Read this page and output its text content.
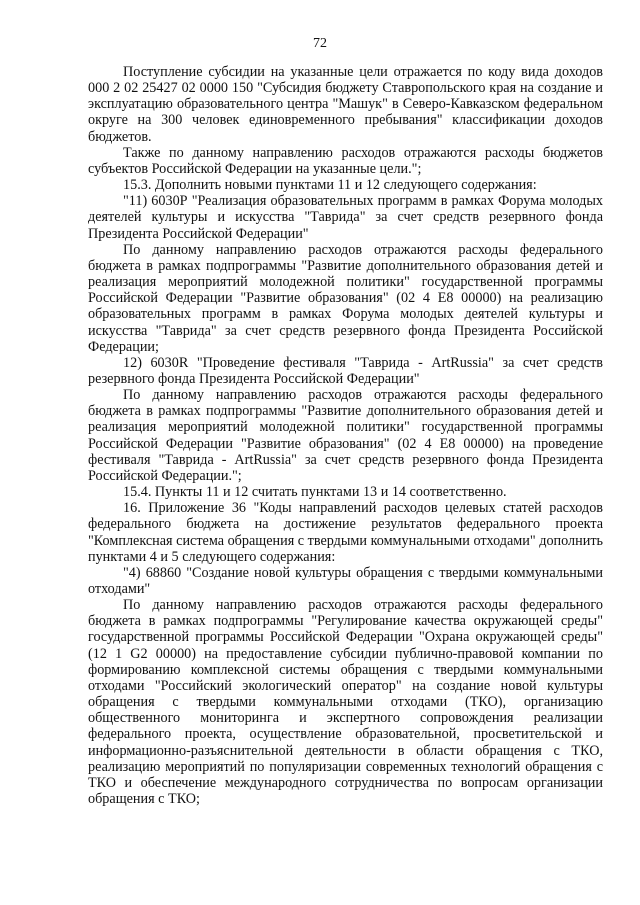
72

Поступление субсидии на указанные цели отражается по коду вида доходов 000 2 02 25427 02 0000 150 "Субсидия бюджету Ставропольского края на создание и эксплуатацию образовательного центра "Машук" в Северо-Кавказском федеральном округе на 300 человек единовременного пребывания" классификации доходов бюджетов.

Также по данному направлению расходов отражаются расходы бюджетов субъектов Российской Федерации на указанные цели.";

15.3. Дополнить новыми пунктами 11 и 12 следующего содержания:

"11) 6030Р "Реализация образовательных программ в рамках Форума молодых деятелей культуры и искусства "Таврида" за счет средств резервного фонда Президента Российской Федерации"

По данному направлению расходов отражаются расходы федерального бюджета в рамках подпрограммы "Развитие дополнительного образования детей и реализация мероприятий молодежной политики" государственной программы Российской Федерации "Развитие образования" (02 4 Е8 00000) на реализацию образовательных программ в рамках Форума молодых деятелей культуры и искусства "Таврида" за счет средств резервного фонда Президента Российской Федерации;

12) 6030R "Проведение фестиваля "Таврида - ArtRussia" за счет средств резервного фонда Президента Российской Федерации"

По данному направлению расходов отражаются расходы федерального бюджета в рамках подпрограммы "Развитие дополнительного образования детей и реализация мероприятий молодежной политики" государственной программы Российской Федерации "Развитие образования" (02 4 Е8 00000) на проведение фестиваля "Таврида - ArtRussia" за счет средств резервного фонда Президента Российской Федерации.";

15.4. Пункты 11 и 12 считать пунктами 13 и 14 соответственно.

16. Приложение 36 "Коды направлений расходов целевых статей расходов федерального бюджета на достижение результатов федерального проекта "Комплексная система обращения с твердыми коммунальными отходами" дополнить пунктами 4 и 5 следующего содержания:

"4) 68860 "Создание новой культуры обращения с твердыми коммунальными отходами"

По данному направлению расходов отражаются расходы федерального бюджета в рамках подпрограммы "Регулирование качества окружающей среды" государственной программы Российской Федерации "Охрана окружающей среды" (12 1 G2 00000) на предоставление субсидии публично-правовой компании по формированию комплексной системы обращения с твердыми коммунальными отходами "Российский экологический оператор" на создание новой культуры обращения с твердыми коммунальными отходами (ТКО), организацию общественного мониторинга и экспертного сопровождения реализации федерального проекта, осуществление образовательной, просветительской и информационно-разъяснительной деятельности в области обращения с ТКО, реализацию мероприятий по популяризации современных технологий обращения с ТКО и обеспечение международного сотрудничества по вопросам организации обращения с ТКО;
